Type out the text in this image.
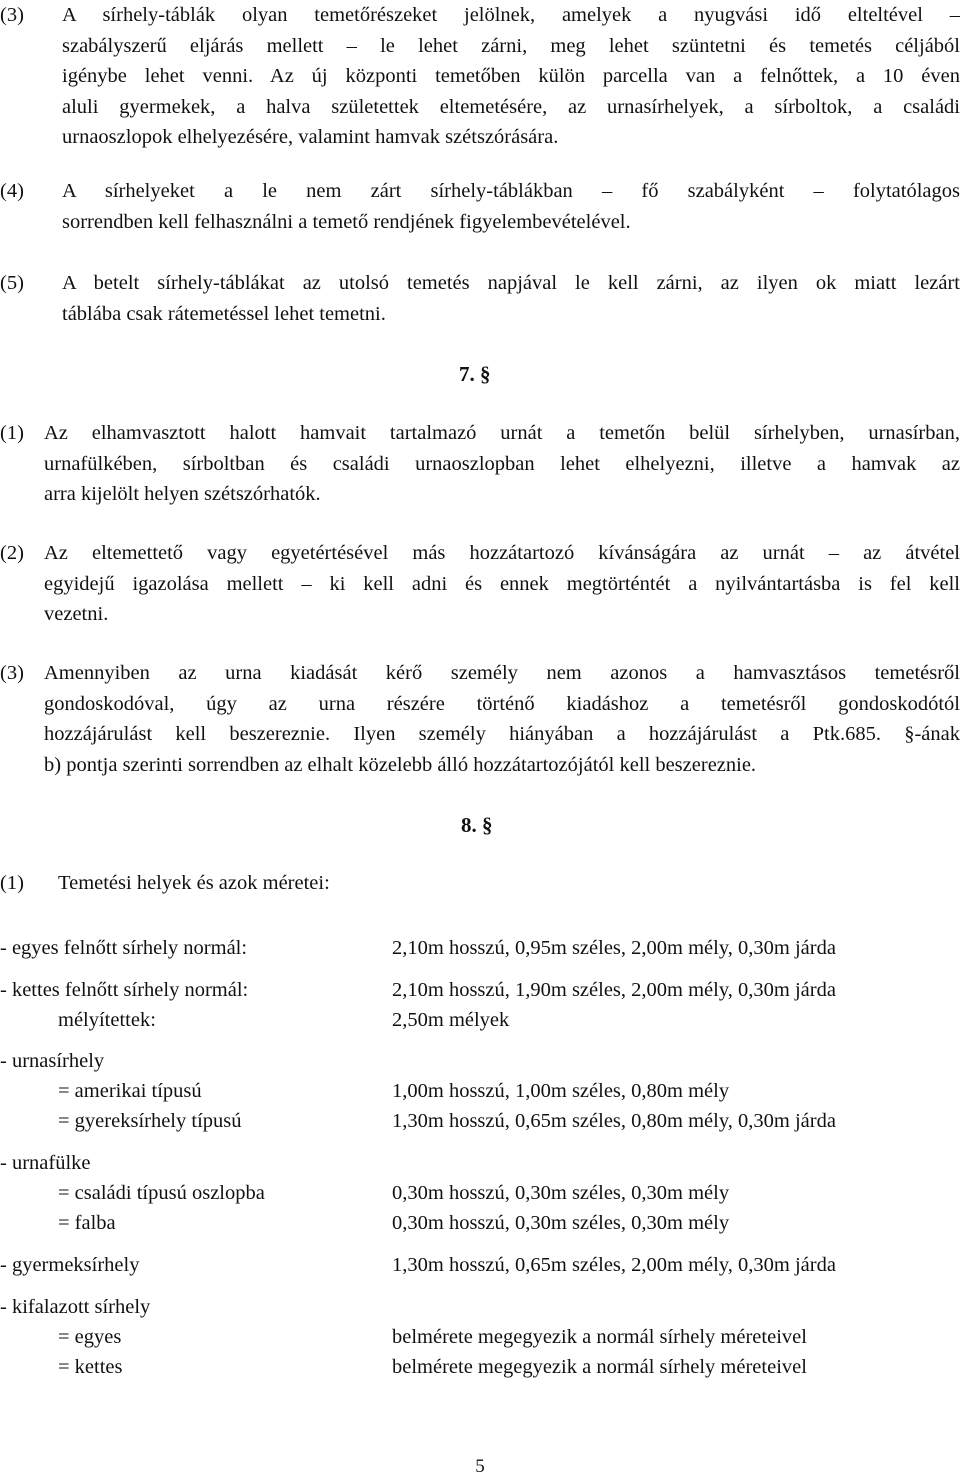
(3) A sírhely-táblák olyan temetőrészeket jelölnek, amelyek a nyugvási idő elteltével –
szabályszerű eljárás mellett – le lehet zárni, meg lehet szüntetni és temetés céljából
igénybe lehet venni. Az új központi temetőben külön parcella van a felnőttek, a 10 éven
aluli gyermekek, a halva születettek eltemetésére, az urnasírhelyek, a sírboltok, a családi
urnaoszlopok elhelyezésére, valamint hamvak szétszórására.
(4) A sírhelyeket a le nem zárt sírhely-táblákban – fő szabályként – folytatólagos
sorrendben kell felhasználni a temető rendjének figyelembevételével.
(5) A betelt sírhely-táblákat az utolsó temetés napjával le kell zárni, az ilyen ok miatt lezárt
táblába csak rátemetéssel lehet temetni.
7. §
(1) Az elhamvasztott halott hamvait tartalmazó urnát a temetőn belül sírhelyben, urnasírban,
urnafülkében, sírboltban és családi urnaoszlopban lehet elhelyezni, illetve a hamvak az
arra kijelölt helyen szétszórhatók.
(2) Az eltemettető vagy egyetértésével más hozzátartozó kívánságára az urnát – az átvétel
egyidejű igazolása mellett – ki kell adni és ennek megtörténtét a nyilvántartásba is fel kell
vezetni.
(3) Amennyiben az urna kiadását kérő személy nem azonos a hamvasztásos temetésről
gondoskodóval, úgy az urna részére történő kiadáshoz a temetésről gondoskodótól
hozzájárulást kell beszereznie. Ilyen személy hiányában a hozzájárulást a Ptk.685. §-ának
b) pontja szerinti sorrendben az elhalt közelebb álló hozzátartozójától kell beszereznie.
8. §
(1) Temetési helyek és azok méretei:
- egyes felnőtt sírhely normál:	2,10m hosszú, 0,95m széles, 2,00m mély, 0,30m járda
- kettes felnőtt sírhely normál:	2,10m hosszú, 1,90m széles, 2,00m mély, 0,30m járda
mélyítettek:	2,50m mélyek
- urnasírhely
= amerikai típusú	1,00m hosszú, 1,00m széles, 0,80m mély
= gyereksírhely típusú	1,30m hosszú, 0,65m széles, 0,80m mély, 0,30m járda
- urnafülke
= családi típusú oszlopba	0,30m hosszú, 0,30m széles, 0,30m mély
= falba	0,30m hosszú, 0,30m széles, 0,30m mély
- gyermeksírhely	1,30m hosszú, 0,65m széles, 2,00m mély, 0,30m járda
- kifalazott sírhely
= egyes	belmérete megegyezik a normál sírhely méreteivel
= kettes	belmérete megegyezik a normál sírhely méreteivel
5
